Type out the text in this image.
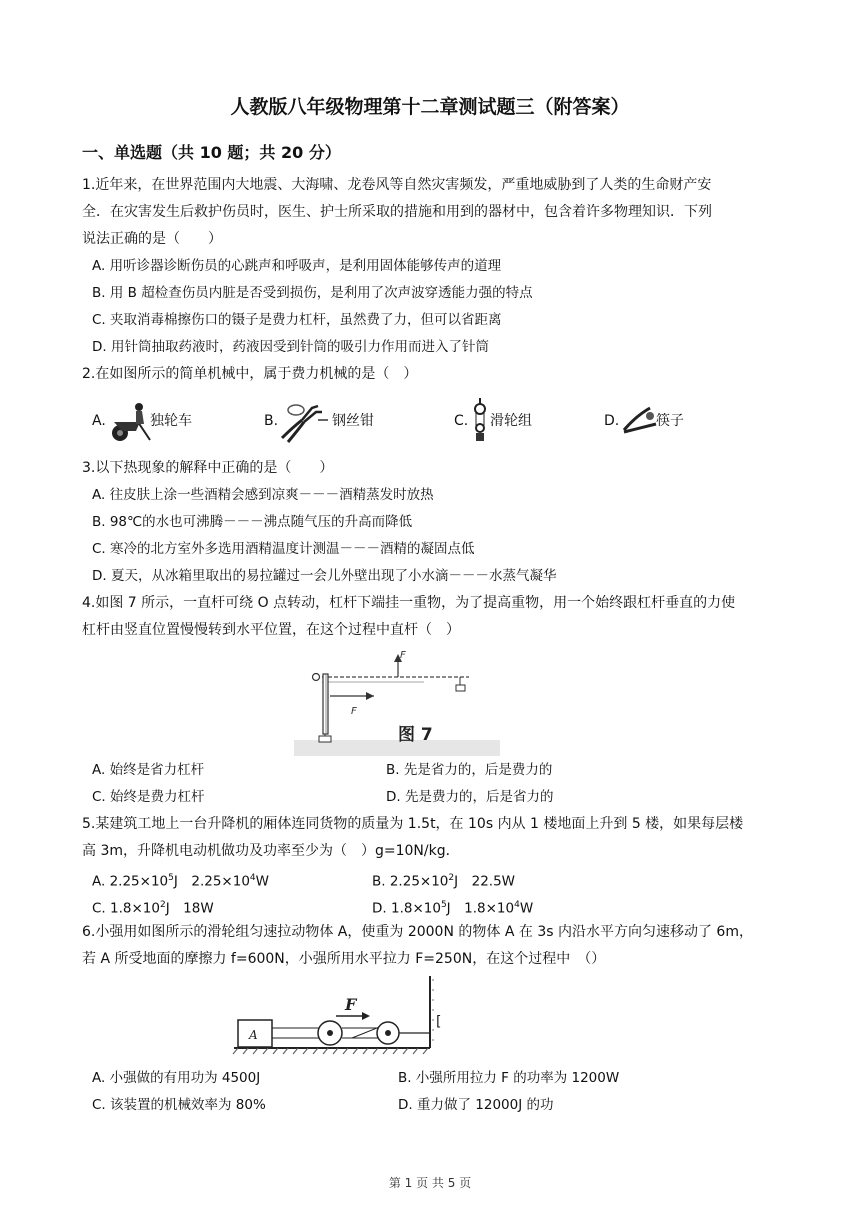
人教版八年级物理第十二章测试题三（附答案）
一、单选题（共 10 题；共 20 分）
1.近年来，在世界范围内大地震、大海啸、龙卷风等自然灾害频发，严重地威胁到了人类的生命财产安
全．在灾害发生后救护伤员时，医生、护士所采取的措施和用到的器材中，包含着许多物理知识．下列
说法正确的是（　　）
A. 用听诊器诊断伤员的心跳声和呼吸声，是利用固体能够传声的道理
B. 用 B 超检查伤员内脏是否受到损伤，是利用了次声波穿透能力强的特点
C. 夹取消毒棉擦伤口的镊子是费力杠杆，虽然费了力，但可以省距离
D. 用针筒抽取药液时，药液因受到针筒的吸引力作用而进入了针筒
2.在如图所示的简单机械中，属于费力机械的是（　）
A.	独轮车	B.	钢丝钳	C. 滑轮组	D.	筷子
3.以下热现象的解释中正确的是（　　）
A. 往皮肤上涂一些酒精会感到凉爽－－－酒精蒸发时放热
B. 98℃的水也可沸腾－－－沸点随气压的升高而降低
C. 寒冷的北方室外多选用酒精温度计测温－－－酒精的凝固点低
D. 夏天，从冰箱里取出的易拉罐过一会儿外壁出现了小水滴－－－水蒸气凝华
4.如图 7 所示，一直杆可绕 O 点转动，杠杆下端挂一重物，为了提高重物，用一个始终跟杠杆垂直的力使
杠杆由竖直位置慢慢转到水平位置，在这个过程中直杆（　）
F
F
图 7
A. 始终是省力杠杆	B. 先是省力的，后是费力的
C. 始终是费力杠杆	D. 先是费力的，后是省力的
5.某建筑工地上一台升降机的厢体连同货物的质量为 1.5t，在 10s 内从 1 楼地面上升到 5 楼，如果每层楼
高 3m，升降机电动机做功及功率至少为（　）g=10N/kg．
A. $2.25\times 10^5J$　$2.25\times 10^4W$	B. $2.25\times 10^2J$　22.5W
C. $1.8\times 10^2J$　18W	D. $1.8\times 10^5J$　$1.8\times 10^4W$
6.小强用如图所示的滑轮组匀速拉动物体 A，使重为 2000N 的物体 A 在 3s 内沿水平方向匀速移动了 6m，
若 A 所受地面的摩擦力 f=600N，小强所用水平拉力 F=250N，在这个过程中　（）
A
F
[
A. 小强做的有用功为 4500J	B. 小强所用拉力 F 的功率为 1200W
C. 该装置的机械效率为 80%	D. 重力做了 12000J 的功
第 1 页 共 5 页
